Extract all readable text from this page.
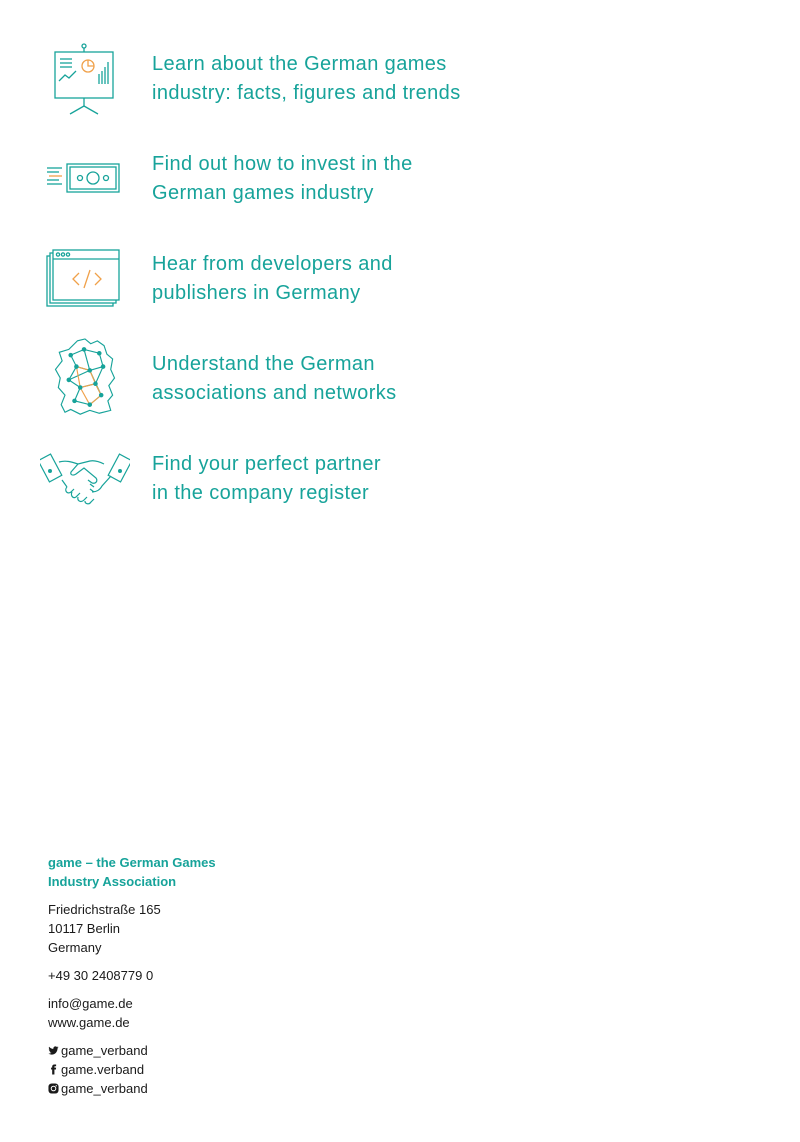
Learn about the German games
industry: facts, figures and trends
Find out how to invest in the
German games industry
Hear from developers and
publishers in Germany
Understand the German
associations and networks
Find your perfect partner
in the company register
game – the German Games
Industry Association
Friedrichstraße 165
10117 Berlin
Germany
+49 30 2408779 0
info@game.de
www.game.de
game_verband
game.verband
game_verband
